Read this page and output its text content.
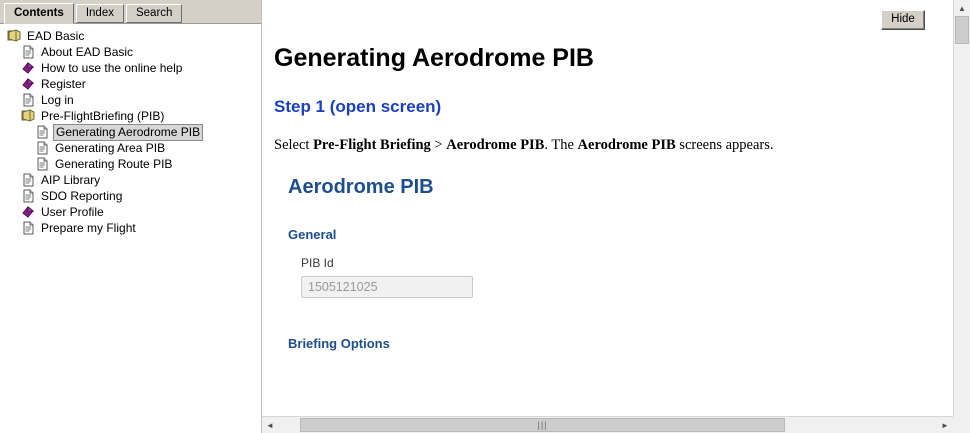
Contents	Index	Search
EAD Basic
About EAD Basic
How to use the online help
Register
Log in
Pre-FlightBriefing (PIB)
Generating Aerodrome PIB
Generating Area PIB
Generating Route PIB
AIP Library
SDO Reporting
User Profile
Prepare my Flight
Hide
Generating Aerodrome PIB
Step 1 (open screen)

Select Pre-Flight Briefing > Aerodrome PIB. The Aerodrome PIB screens appears.

Aerodrome PIB
General
PIB Id
1505121025
Briefing Options
▲
◄	|||	►
